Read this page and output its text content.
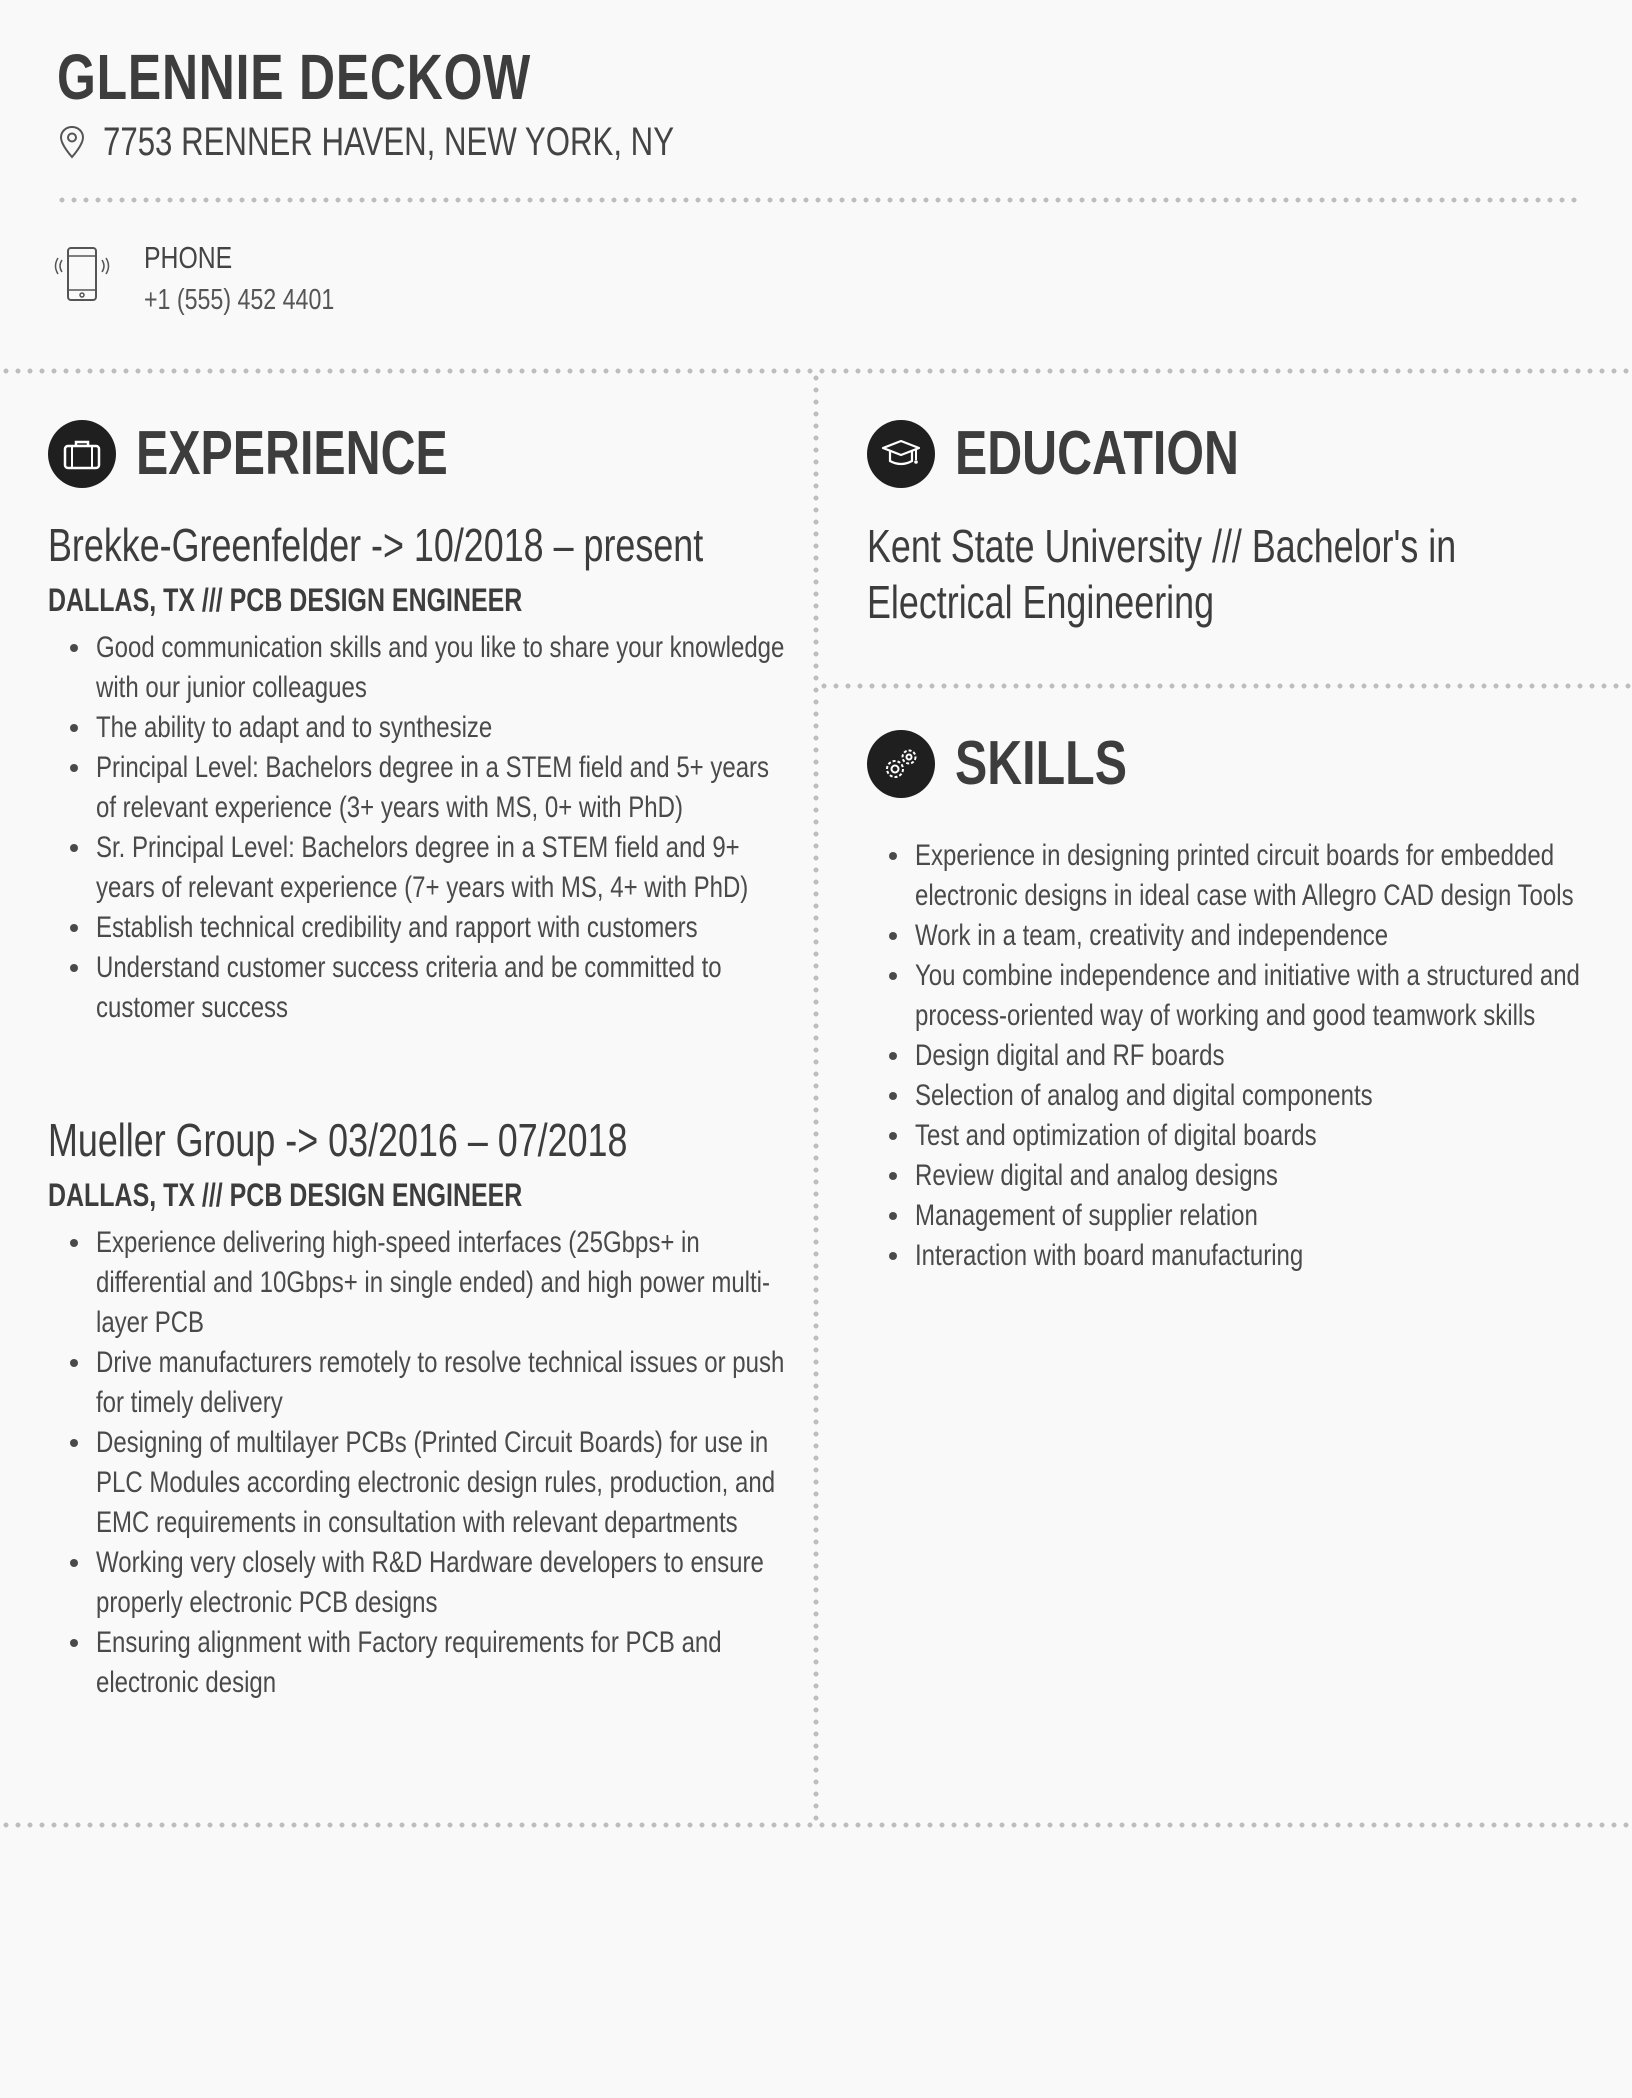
GLENNIE DECKOW
7753 RENNER HAVEN, NEW YORK, NY
PHONE
+1 (555) 452 4401
EXPERIENCE
Brekke-Greenfelder -> 10/2018 – present
DALLAS, TX /// PCB DESIGN ENGINEER
Good communication skills and you like to share your knowledge with our junior colleagues
The ability to adapt and to synthesize
Principal Level: Bachelors degree in a STEM field and 5+ years of relevant experience (3+ years with MS, 0+ with PhD)
Sr. Principal Level: Bachelors degree in a STEM field and 9+ years of relevant experience (7+ years with MS, 4+ with PhD)
Establish technical credibility and rapport with customers
Understand customer success criteria and be committed to customer success
Mueller Group -> 03/2016 – 07/2018
DALLAS, TX /// PCB DESIGN ENGINEER
Experience delivering high-speed interfaces (25Gbps+ in differential and 10Gbps+ in single ended) and high power multi-layer PCB
Drive manufacturers remotely to resolve technical issues or push for timely delivery
Designing of multilayer PCBs (Printed Circuit Boards) for use in PLC Modules according electronic design rules, production, and EMC requirements in consultation with relevant departments
Working very closely with R&D Hardware developers to ensure properly electronic PCB designs
Ensuring alignment with Factory requirements for PCB and electronic design
EDUCATION
Kent State University /// Bachelor's in Electrical Engineering
SKILLS
Experience in designing printed circuit boards for embedded electronic designs in ideal case with Allegro CAD design Tools
Work in a team, creativity and independence
You combine independence and initiative with a structured and process-oriented way of working and good teamwork skills
Design digital and RF boards
Selection of analog and digital components
Test and optimization of digital boards
Review digital and analog designs
Management of supplier relation
Interaction with board manufacturing
